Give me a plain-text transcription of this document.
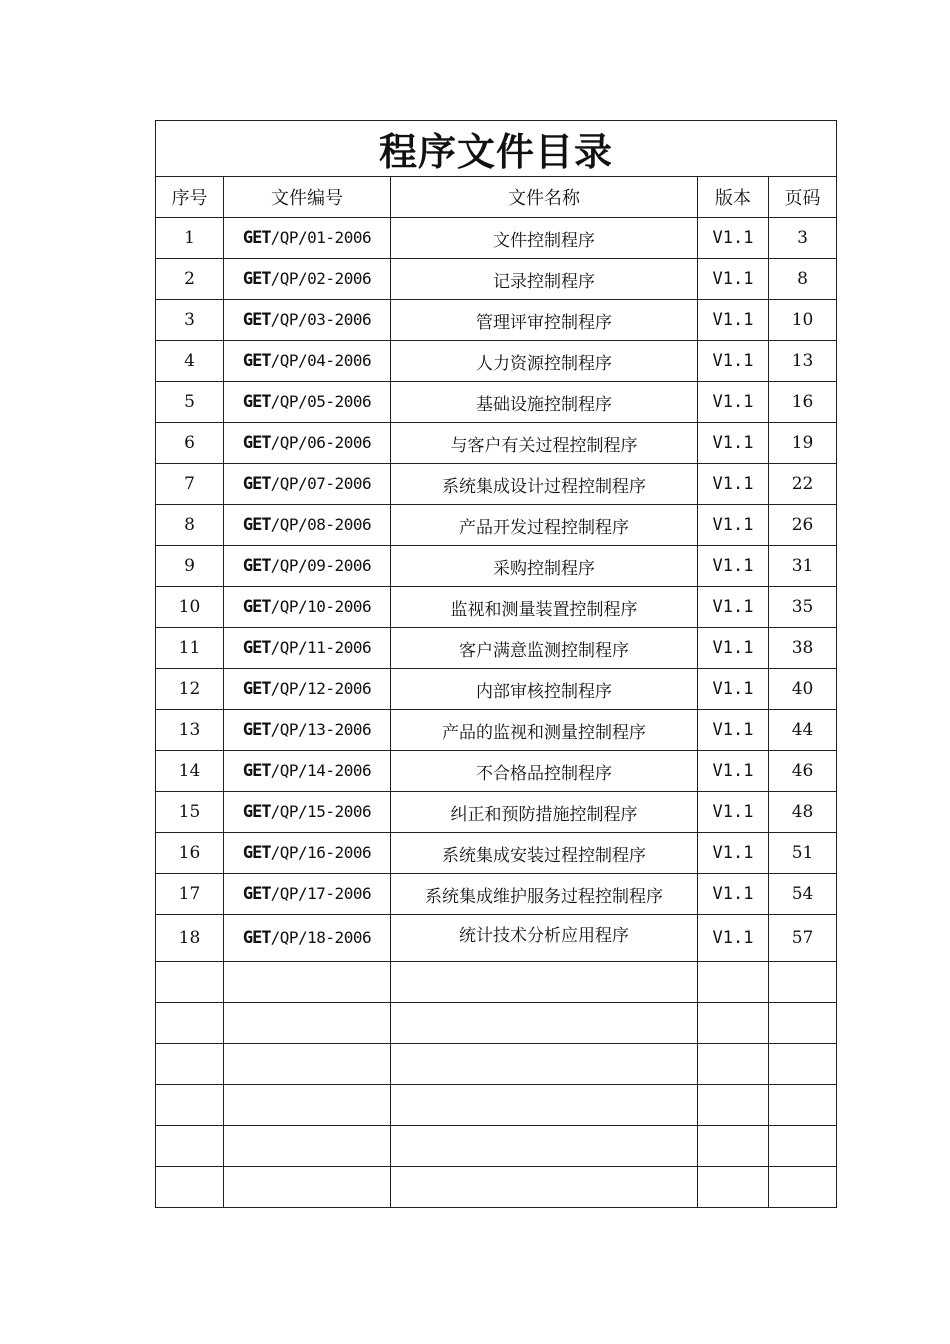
程序文件目录				
序号	文件编号	文件名称	版本	页码
1	GET/QP/01-2006	文件控制程序	V1.1	3
2	GET/QP/02-2006	记录控制程序	V1.1	8
3	GET/QP/03-2006	管理评审控制程序	V1.1	10
4	GET/QP/04-2006	人力资源控制程序	V1.1	13
5	GET/QP/05-2006	基础设施控制程序	V1.1	16
6	GET/QP/06-2006	与客户有关过程控制程序	V1.1	19
7	GET/QP/07-2006	系统集成设计过程控制程序	V1.1	22
8	GET/QP/08-2006	产品开发过程控制程序	V1.1	26
9	GET/QP/09-2006	采购控制程序	V1.1	31
10	GET/QP/10-2006	监视和测量装置控制程序	V1.1	35
11	GET/QP/11-2006	客户满意监测控制程序	V1.1	38
12	GET/QP/12-2006	内部审核控制程序	V1.1	40
13	GET/QP/13-2006	产品的监视和测量控制程序	V1.1	44
14	GET/QP/14-2006	不合格品控制程序	V1.1	46
15	GET/QP/15-2006	纠正和预防措施控制程序	V1.1	48
16	GET/QP/16-2006	系统集成安装过程控制程序	V1.1	51
17	GET/QP/17-2006	系统集成维护服务过程控制程序	V1.1	54
18	GET/QP/18-2006	统计技术分析应用程序	V1.1	57
